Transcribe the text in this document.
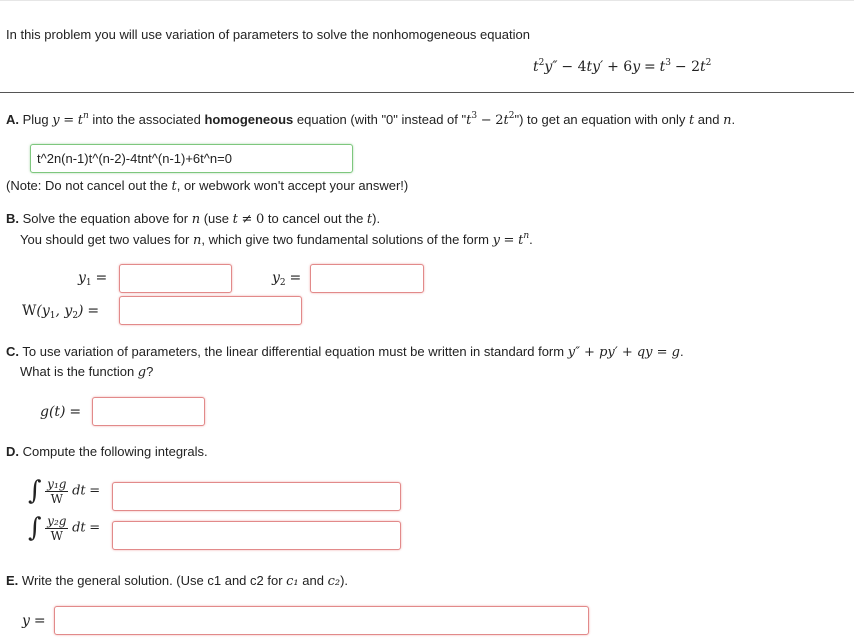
In this problem you will use variation of parameters to solve the nonhomogeneous equation
$t^2y'' - 4ty' + 6y = t^3 - 2t^2$
A. Plug $y = t^n$ into the associated homogeneous equation (with "0" instead of "$t^3$ − $2t^2$") to get an equation with only t and n.
t^2n(n-1)t^(n-2)-4tnt^(n-1)+6t^n=0
(Note: Do not cancel out the t, or webwork won't accept your answer!)
B. Solve the equation above for n (use t ≠ 0 to cancel out the t).
You should get two values for n, which give two fundamental solutions of the form $y = t^n$.
$y_1$ =	$y_2$ =
$W(y_1$, $y_2$) =
C. To use variation of parameters, the linear differential equation must be written in standard form y″ + py′ + qy = g.
What is the function g?
g(t) =
D. Compute the following integrals.
∫ $\frac{\text{y₁g}}{W}$ dt =
∫ $\frac{\text{y₂g}}{W}$ dt =
E. Write the general solution. (Use c1 and c2 for c₁ and c₂).
y =
